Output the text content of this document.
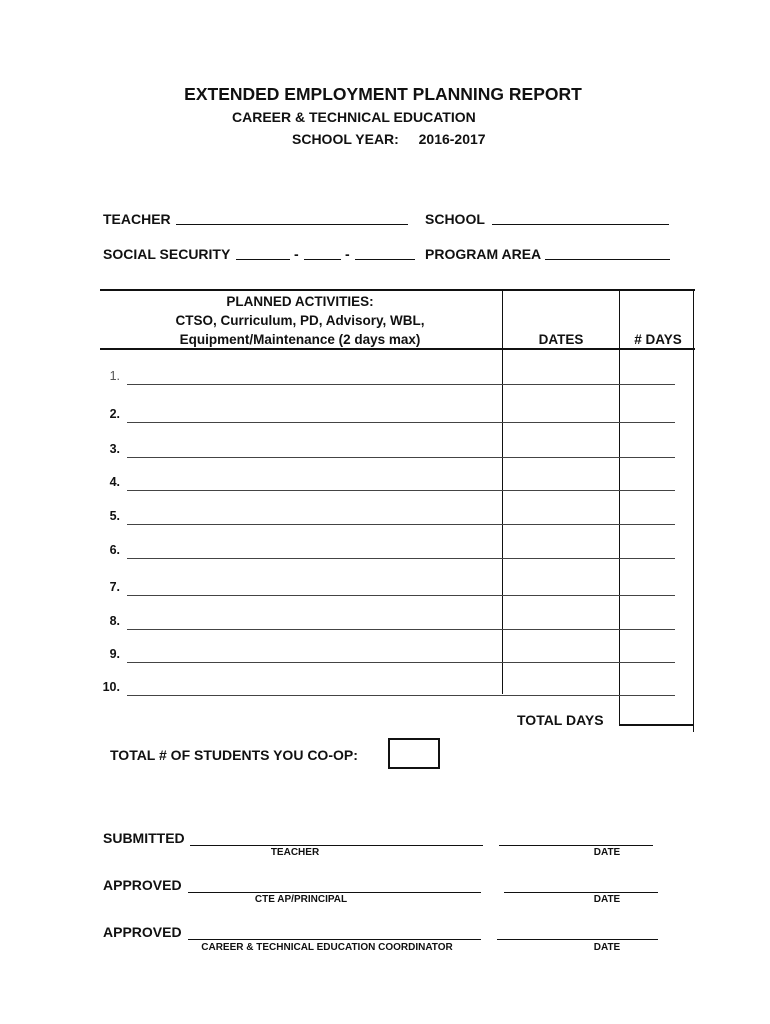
EXTENDED EMPLOYMENT PLANNING REPORT
CAREER & TECHNICAL EDUCATION
SCHOOL YEAR: 2016-2017
TEACHER	SCHOOL
SOCIAL SECURITY	-	-	PROGRAM AREA
PLANNED ACTIVITIES:
CTSO, Curriculum, PD, Advisory, WBL,
Equipment/Maintenance (2 days max)	DATES	# DAYS
1.
2.
3.
4.
5.
6.
7.
8.
9.
10.
TOTAL DAYS
TOTAL # OF STUDENTS YOU CO-OP:
SUBMITTED
TEACHER	DATE
APPROVED
CTE AP/PRINCIPAL	DATE
APPROVED
CAREER & TECHNICAL EDUCATION COORDINATOR	DATE
